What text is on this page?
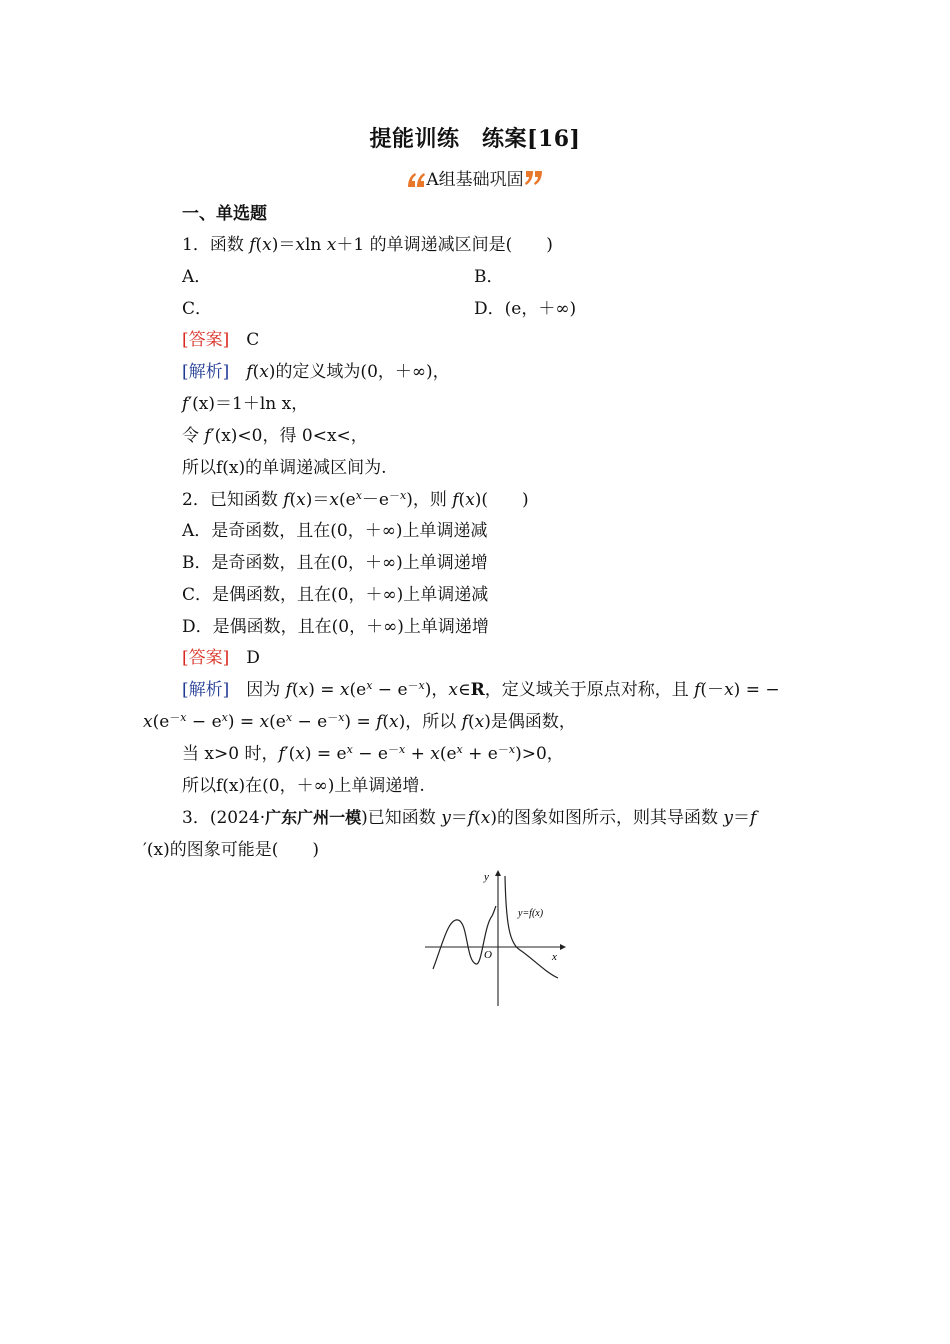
提能训练　练案[16]
A组基础巩固
一、单选题
1．函数 f(x)＝xln x＋1 的单调递减区间是(　　)
A．	B．
C．	D．(e，＋∞)
[答案]　 C
[解析]　 f(x)的定义域为(0，＋∞)，
f′(x)＝1＋ln x，
令 f′(x)<0，得 0<x<，
所以f(x)的单调递减区间为.
2．已知函数 $f(x)=x(e^x-e^{-x})$，则 f(x)(　　)
A．是奇函数，且在(0，＋∞)上单调递减
B．是奇函数，且在(0，＋∞)上单调递增
C．是偶函数，且在(0，＋∞)上单调递减
D．是偶函数，且在(0，＋∞)上单调递增
[答案]　 D
[解析]　 因为 $f(x) = x(e^x - e^{-x})$，x∈R，定义域关于原点对称，且 f(－x) = −
$x(e^{-x} - e^x) = x(e^x - e^{-x}) = f(x)$，所以 f(x)是偶函数，
当 x>0 时，$f'(x) = e^x - e^{-x} + x(e^x + e^{-x})>0$，
所以f(x)在(0，＋∞)上单调递增.
3．(2024·广东广州一模)已知函数 y＝f(x)的图象如图所示，则其导函数 y＝f
′(x)的图象可能是(　　)
y
x
O
y=f(x)
